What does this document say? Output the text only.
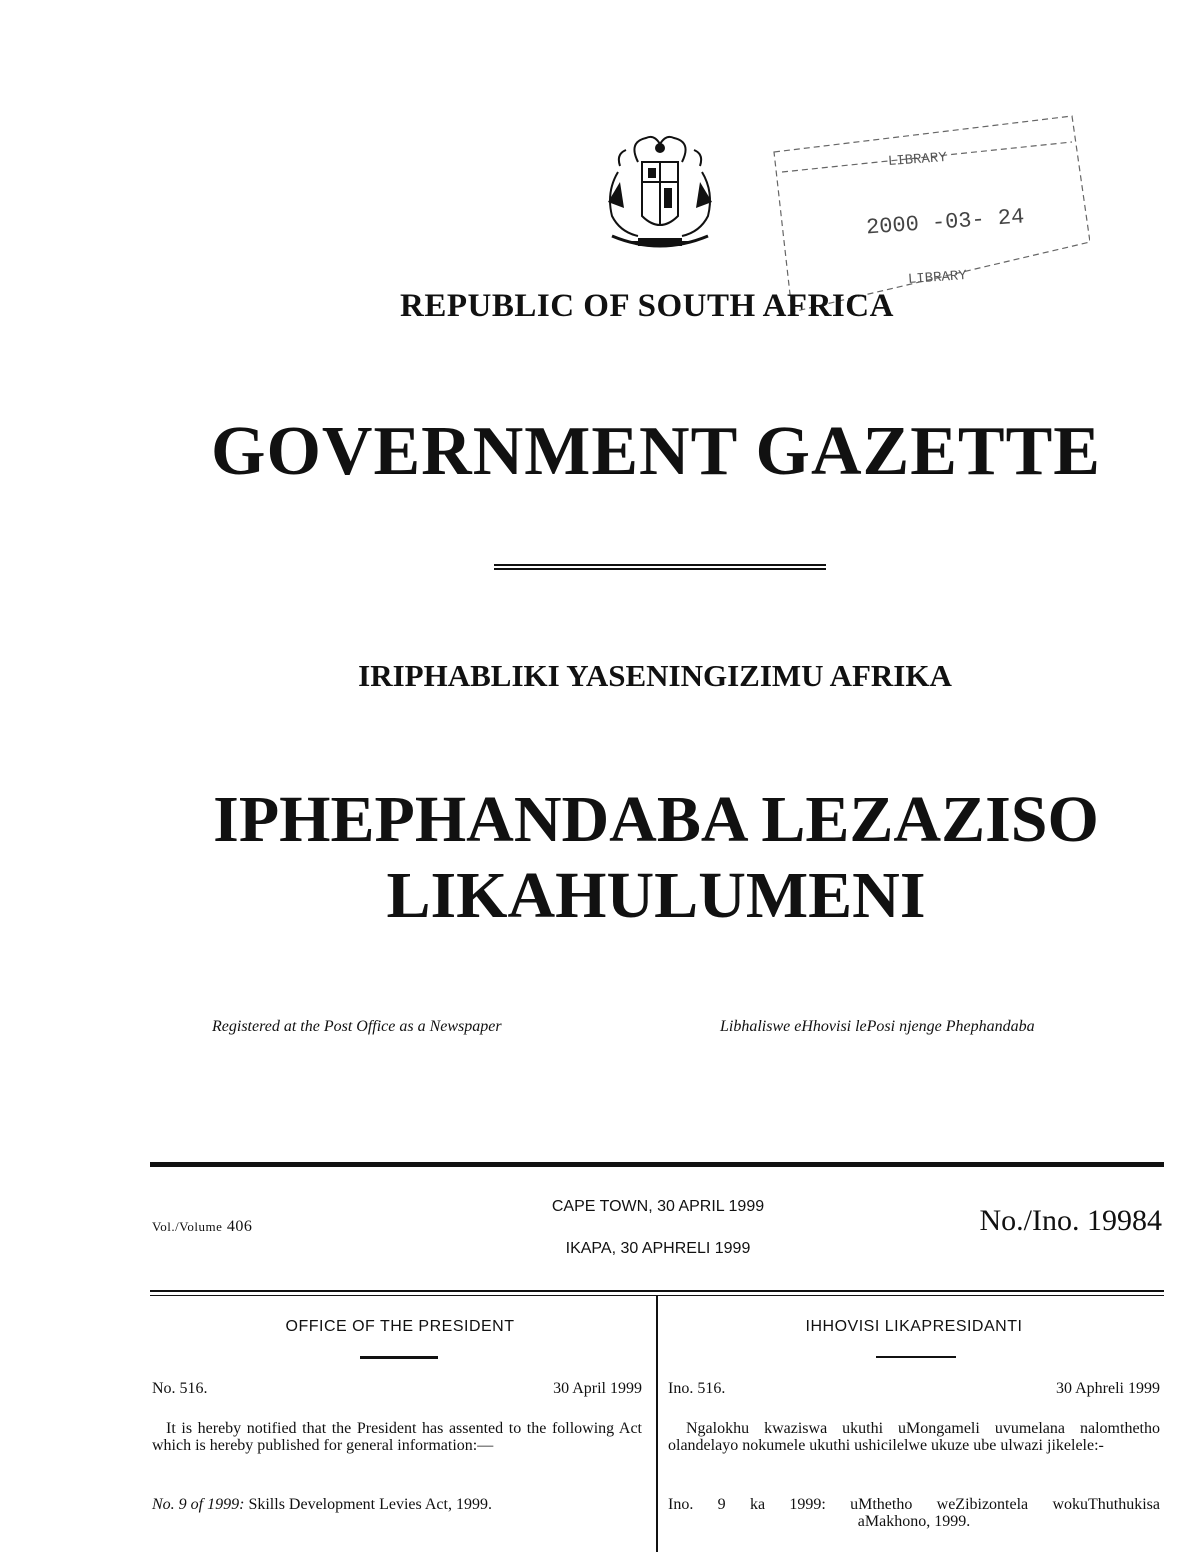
LIBRARY
2000 -03- 24
LIBRARY
REPUBLIC OF SOUTH AFRICA
GOVERNMENT GAZETTE
IRIPHABLIKI YASENINGIZIMU AFRIKA
IPHEPHANDABA LEZAZISO
LIKAHULUMENI
Registered at the Post Office as a Newspaper	Libhaliswe eHhovisi lePosi njenge Phephandaba
Vol./Volume 406
CAPE TOWN, 30 APRIL 1999
IKAPA, 30 APHRELI 1999
No./Ino. 19984
OFFICE OF THE PRESIDENT
No. 516.	30 April 1999
It is hereby notified that the President has assented to the following Act which is hereby published for general information:—
No. 9 of 1999: Skills Development Levies Act, 1999.
IHHOVISI LIKAPRESIDANTI
Ino. 516.	30 Aphreli 1999
Ngalokhu kwaziswa ukuthi uMongameli uvumelana nalomthetho olandelayo nokumele ukuthi ushicilelwe ukuze ube ulwazi jikelele:-
Ino. 9 ka 1999: uMthetho weZibizontela wokuThuthukisa
aMakhono, 1999.
